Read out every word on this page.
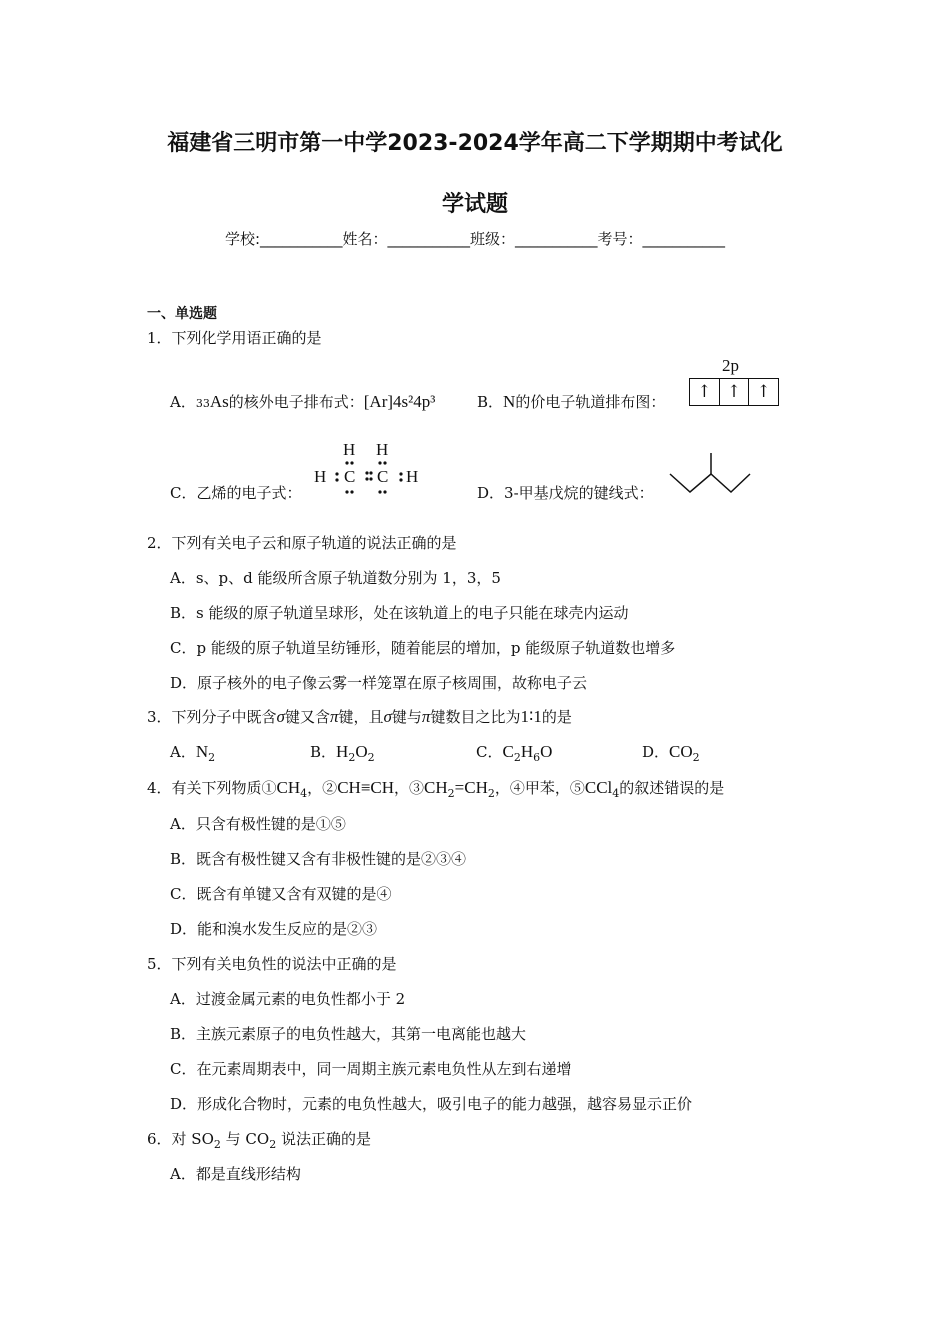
福建省三明市第一中学2023-2024学年高二下学期期中考试化
学试题
学校:___________姓名：___________班级：___________考号：___________
一、单选题
1．下列化学用语正确的是
A．33As的核外电子排布式：[Ar]4s²4p³	B．N的价电子轨道排布图：
2p
↑ ↑ ↑
C．乙烯的电子式：
H H
H C C H
D．3-甲基戊烷的键线式：
2．下列有关电子云和原子轨道的说法正确的是
A．s、p、d 能级所含原子轨道数分别为 1，3，5
B．s 能级的原子轨道呈球形，处在该轨道上的电子只能在球壳内运动
C．p 能级的原子轨道呈纺锤形，随着能层的增加，p 能级原子轨道数也增多
D．原子核外的电子像云雾一样笼罩在原子核周围，故称电子云
3．下列分子中既含σ键又含π键，且σ键与π键数目之比为1∶1的是
A．$N_2$	B．$H_2O_2$	C．$C_2H_6O$	D．$CO_2$
4．有关下列物质$①CH_4$，②CH≡CH，$③CH_2=CH_2$，④甲苯，⑤CCl$_4$的叙述错误的是
A．只含有极性键的是①⑤
B．既含有极性键又含有非极性键的是②③④
C．既含有单键又含有双键的是④
D．能和溴水发生反应的是②③
5．下列有关电负性的说法中正确的是
A．过渡金属元素的电负性都小于 2
B．主族元素原子的电负性越大，其第一电离能也越大
C．在元素周期表中，同一周期主族元素电负性从左到右递增
D．形成化合物时，元素的电负性越大，吸引电子的能力越强，越容易显示正价
6．对 $SO_2$ 与 $CO_2$ 说法正确的是
A．都是直线形结构
